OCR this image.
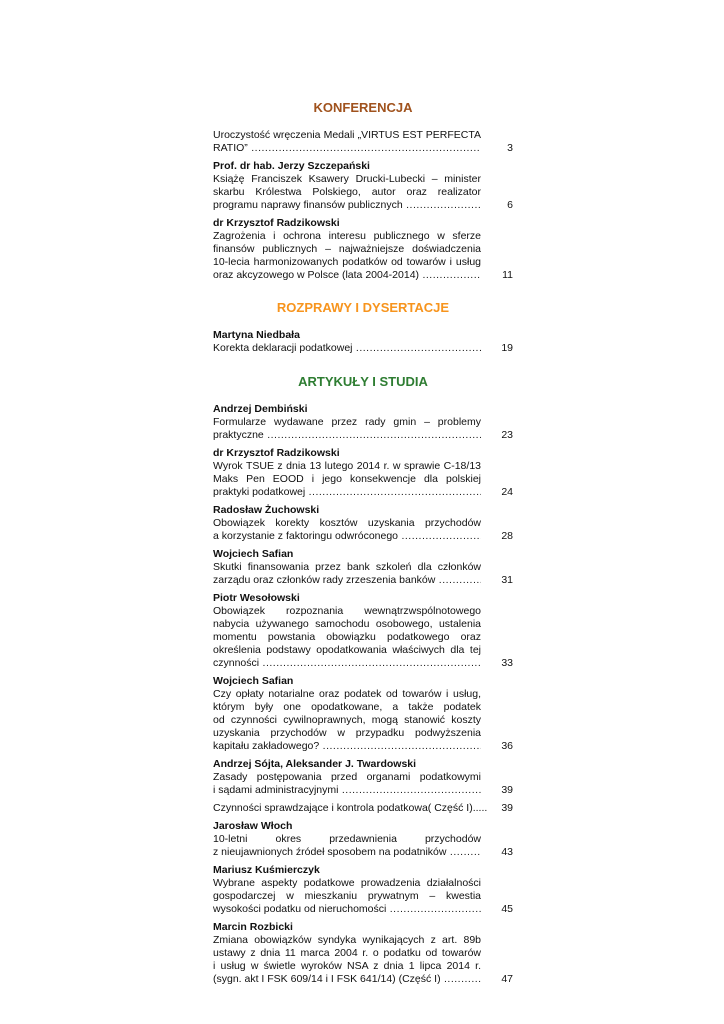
KONFERENCJA
Uroczystość wręczenia Medali „VIRTUS EST PERFECTA
RATIO” .....	3
Prof. dr hab. Jerzy Szczepański
Książę Franciszek Ksawery Drucki-Lubecki – minister
skarbu Królestwa Polskiego, autor oraz realizator
programu naprawy finansów publicznych .....	6
dr Krzysztof Radzikowski
Zagrożenia i ochrona interesu publicznego w sferze
finansów publicznych – najważniejsze doświadczenia
10-lecia harmonizowanych podatków od towarów i usług
oraz akcyzowego w Polsce (lata 2004-2014) .....	11
ROZPRAWY I DYSERTACJE
Martyna Niedbała
Korekta deklaracji podatkowej .....	19
ARTYKUŁY I STUDIA
Andrzej Dembiński
Formularze wydawane przez rady gmin – problemy
praktyczne .....	23
dr Krzysztof Radzikowski
Wyrok TSUE z dnia 13 lutego 2014 r. w sprawie C-18/13
Maks Pen EOOD i jego konsekwencje dla polskiej
praktyki podatkowej .....	24
Radosław Żuchowski
Obowiązek korekty kosztów uzyskania przychodów
a korzystanie z faktoringu odwróconego .....	28
Wojciech Safian
Skutki finansowania przez bank szkoleń dla członków
zarządu oraz członków rady zrzeszenia banków .....	31
Piotr Wesołowski
Obowiązek rozpoznania wewnątrzwspólnotowego
nabycia używanego samochodu osobowego, ustalenia
momentu powstania obowiązku podatkowego oraz
określenia podstawy opodatkowania właściwych dla tej
czynności .....	33
Wojciech Safian
Czy opłaty notarialne oraz podatek od towarów i usług,
którym były one opodatkowane, a także podatek
od czynności cywilnoprawnych, mogą stanowić koszty
uzyskania przychodów w przypadku podwyższenia
kapitału zakładowego? .....	36
Andrzej Sójta, Aleksander J. Twardowski
Zasady postępowania przed organami podatkowymi
i sądami administracyjnymi .....	39
Czynności sprawdzające i kontrola podatkowa( Część I)..... 39
Jarosław Włoch
10-letni okres przedawnienia przychodów
z nieujawnionych źródeł sposobem na podatników .....	43
Mariusz Kuśmierczyk
Wybrane aspekty podatkowe prowadzenia działalności
gospodarczej w mieszkaniu prywatnym – kwestia
wysokości podatku od nieruchomości .....	45
Marcin Rozbicki
Zmiana obowiązków syndyka wynikających z art. 89b
ustawy z dnia 11 marca 2004 r. o podatku od towarów
i usług w świetle wyroków NSA z dnia 1 lipca 2014 r.
(sygn. akt I FSK 609/14 i I FSK 641/14) (Część I) .....	47
